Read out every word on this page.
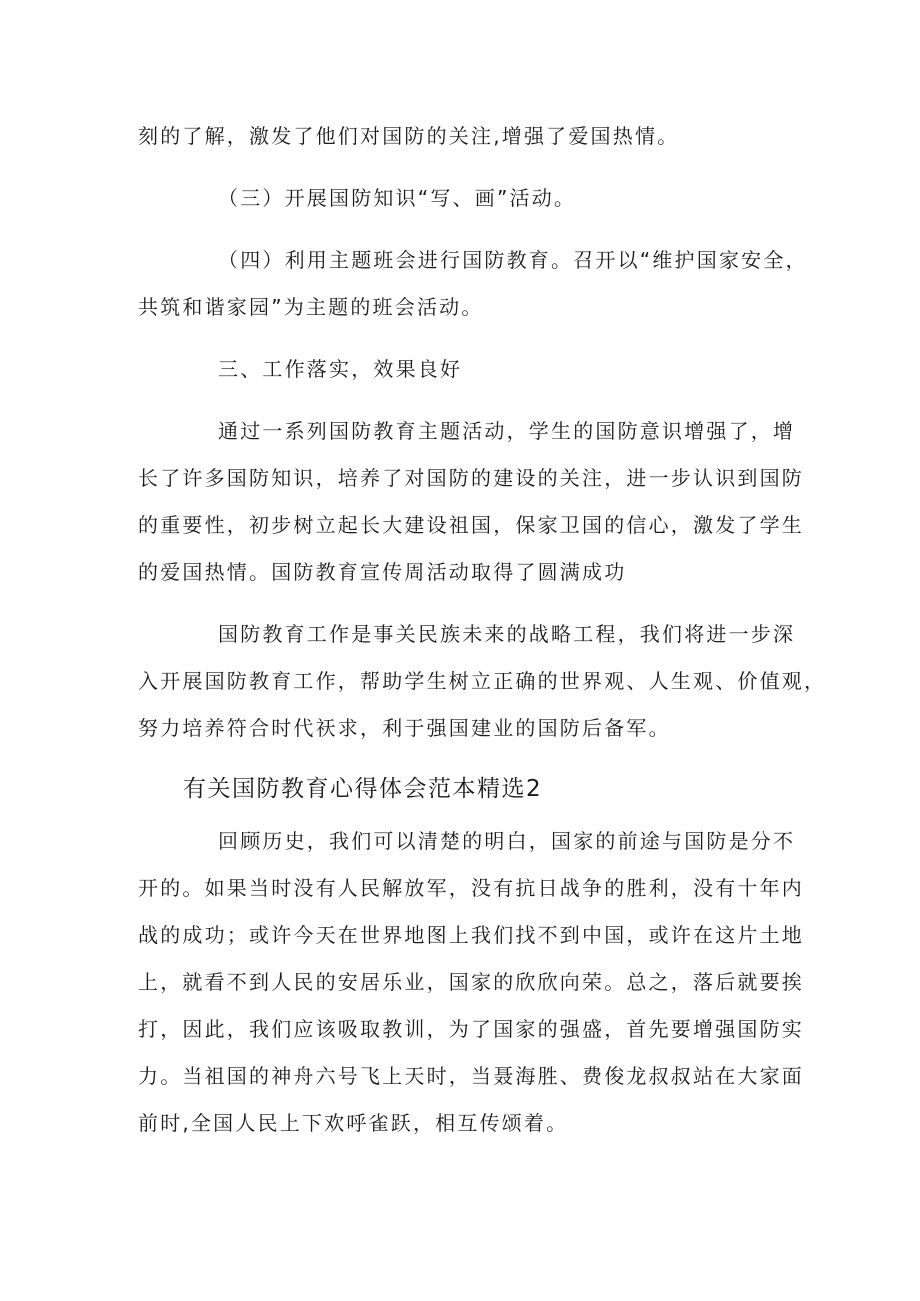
刻的了解，激发了他们对国防的关注,增强了爱国热情。
（三）开展国防知识“写、画”活动。
（四）利用主题班会进行国防教育。召开以“维护国家安全，
共筑和谐家园”为主题的班会活动。
三、工作落实，效果良好
通过一系列国防教育主题活动，学生的国防意识增强了，增
长了许多国防知识，培养了对国防的建设的关注，进一步认识到国防
的重要性，初步树立起长大建设祖国，保家卫国的信心，激发了学生
的爱国热情。国防教育宣传周活动取得了圆满成功
国防教育工作是事关民族未来的战略工程，我们将进一步深
入开展国防教育工作，帮助学生树立正确的世界观、人生观、价值观，
努力培养符合时代祆求，利于强国建业的国防后备军。
有关国防教育心得体会范本精选2
回顾历史，我们可以清楚的明白，国家的前途与国防是分不
开的。如果当时没有人民解放军，没有抗日战争的胜利，没有十年内
战的成功；或许今天在世界地图上我们找不到中国，或许在这片土地
上，就看不到人民的安居乐业，国家的欣欣向荣。总之，落后就要挨
打，因此，我们应该吸取教训，为了国家的强盛，首先要增强国防实
力。当祖国的神舟六号飞上天时，当聂海胜、费俊龙叔叔站在大家面
前时,全国人民上下欢呼雀跃，相互传颂着。
